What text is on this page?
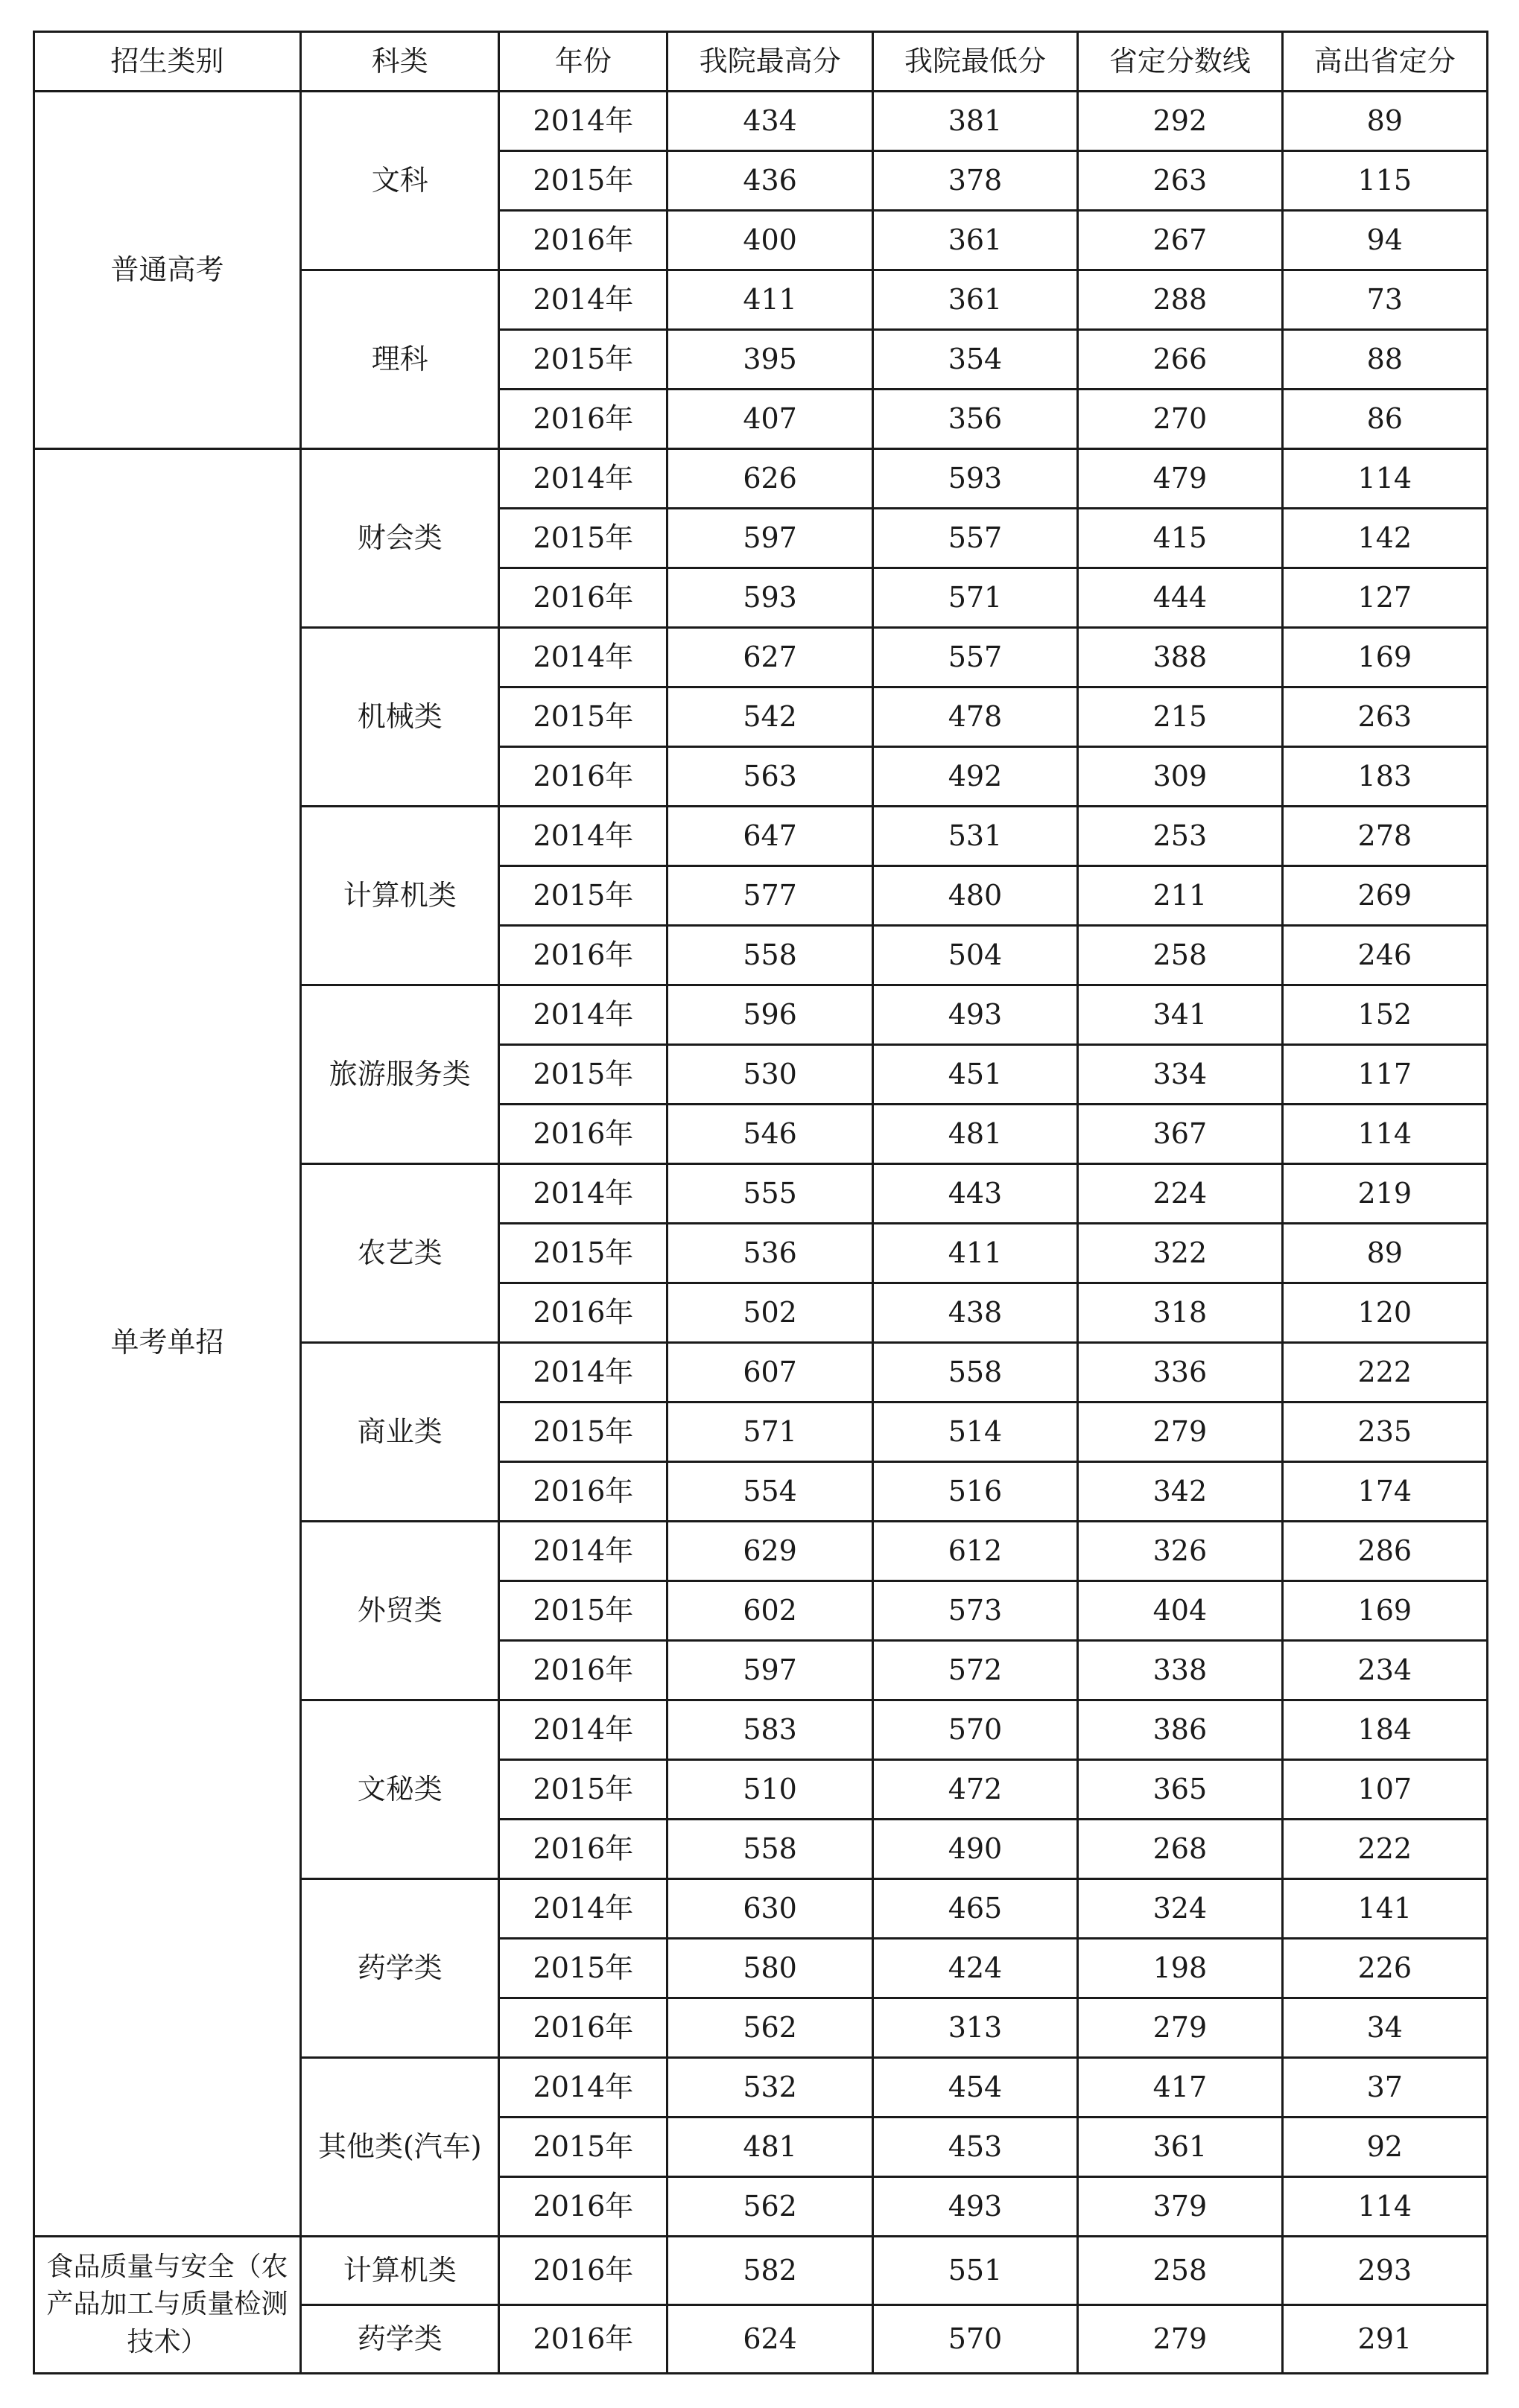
招生类别	科类	年份	我院最高分	我院最低分	省定分数线	高出省定分
普通高考	文科	2014年	434	381	292	89
		2015年	436	378	263	115
		2016年	400	361	267	94
	理科	2014年	411	361	288	73
		2015年	395	354	266	88
		2016年	407	356	270	86
单考单招	财会类	2014年	626	593	479	114
		2015年	597	557	415	142
		2016年	593	571	444	127
	机械类	2014年	627	557	388	169
		2015年	542	478	215	263
		2016年	563	492	309	183
	计算机类	2014年	647	531	253	278
		2015年	577	480	211	269
		2016年	558	504	258	246
	旅游服务类	2014年	596	493	341	152
		2015年	530	451	334	117
		2016年	546	481	367	114
	农艺类	2014年	555	443	224	219
		2015年	536	411	322	89
		2016年	502	438	318	120
	商业类	2014年	607	558	336	222
		2015年	571	514	279	235
		2016年	554	516	342	174
	外贸类	2014年	629	612	326	286
		2015年	602	573	404	169
		2016年	597	572	338	234
	文秘类	2014年	583	570	386	184
		2015年	510	472	365	107
		2016年	558	490	268	222
	药学类	2014年	630	465	324	141
		2015年	580	424	198	226
		2016年	562	313	279	34
	其他类(汽车)	2014年	532	454	417	37
		2015年	481	453	361	92
		2016年	562	493	379	114
食品质量与安全（农产品加工与质量检测技术）	计算机类	2016年	582	551	258	293
	药学类	2016年	624	570	279	291
